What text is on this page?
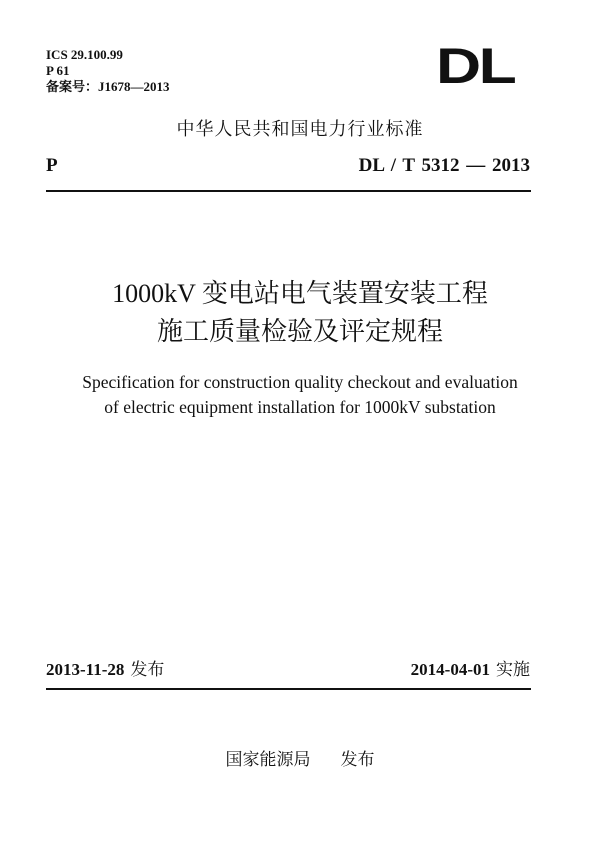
ICS 29.100.99
P 61
备案号：J1678—2013	DL
中华人民共和国电力行业标准
P	DL / T 5312 — 2013
1000kV 变电站电气装置安装工程
施工质量检验及评定规程
Specification for construction quality checkout and evaluation
of electric equipment installation for 1000kV substation
2013-11-28 发布	2014-04-01 实施
国家能源局 发布
